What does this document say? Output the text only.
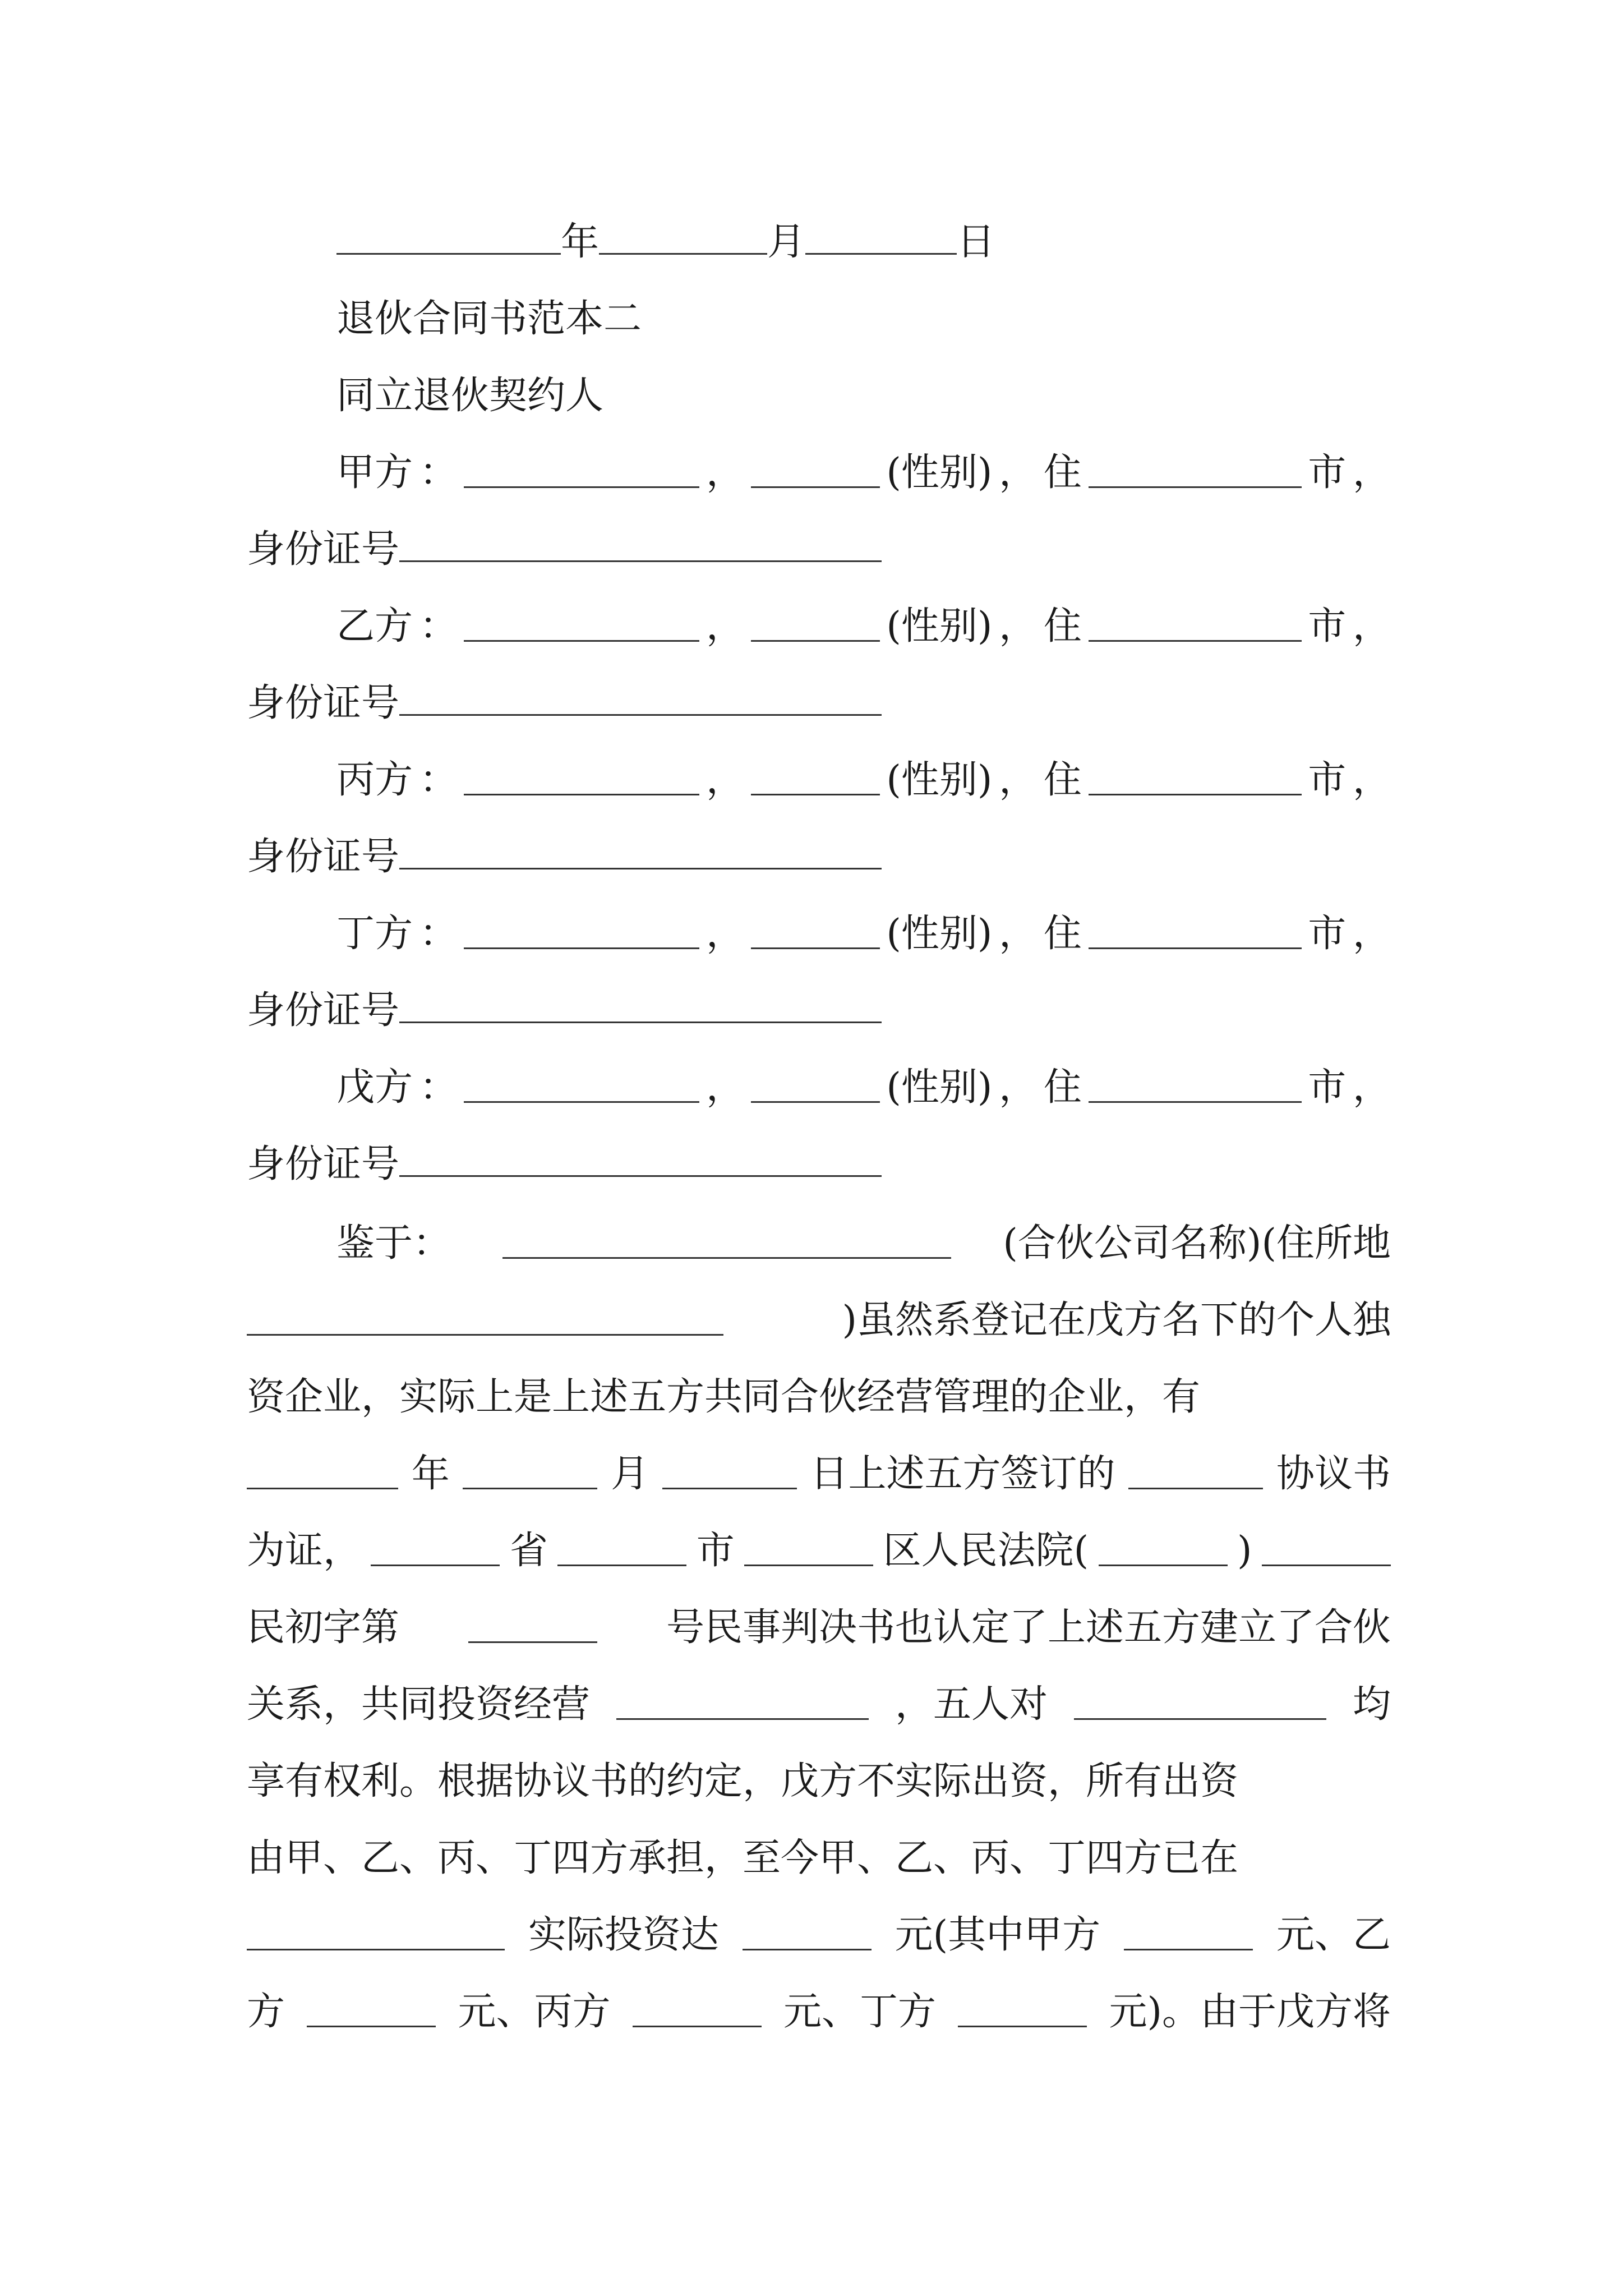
年	月	日
退伙合同书范本二
同立退伙契约人
甲方 ：	，	(性别) ， 住	市 ，
身份证号
乙方 ：	，	(性别) ， 住	市 ，
身份证号
丙方 ：	，	(性别) ， 住	市 ，
身份证号
丁方 ：	，	(性别) ， 住	市 ，
身份证号
戊方 ：	，	(性别) ， 住	市 ，
身份证号
鉴于：	(合伙公司名称)(住所地
)虽然系登记在戊方名下的个人独
资企业，实际上是上述五方共同合伙经营管理的企业，有
年	月	日上述五方签订的	协议书
为证，	省	市	区人民法院(	)
民初字第	号民事判决书也认定了上述五方建立了合伙
关系，共同投资经营	，五人对	均
享有权利。根据协议书的约定，戊方不实际出资，所有出资
由甲、乙、丙、丁四方承担，至今甲、乙、丙、丁四方已在
实际投资达	元(其中甲方	元、乙
方	元、丙方	元、丁方	元)。由于戊方将
